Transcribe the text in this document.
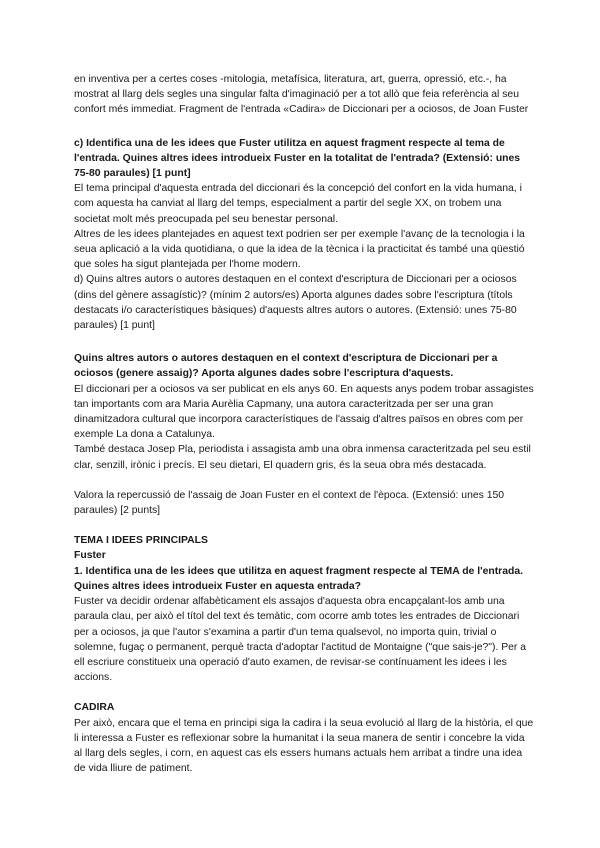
en inventiva per a certes coses -mitologia, metafísica, literatura, art, guerra, opressió, etc.-, ha mostrat al llarg dels segles una singular falta d'imaginació per a tot allò que feia referència al seu confort més immediat. Fragment de l'entrada «Cadira» de Diccionari per a ociosos, de Joan Fuster

c) Identifica una de les idees que Fuster utilitza en aquest fragment respecte al tema de l'entrada. Quines altres idees introdueix Fuster en la totalitat de l'entrada? (Extensió: unes 75-80 paraules) [1 punt]

El tema principal d'aquesta entrada del diccionari és la concepció del confort en la vida humana, i com aquesta ha canviat al llarg del temps, especialment a partir del segle XX, on trobem una societat molt més preocupada pel seu benestar personal.

Altres de les idees plantejades en aquest text podrien ser per exemple l'avanç de la tecnologia i la seua aplicació a la vida quotidiana, o que la idea de la tècnica i la practicitat és també una qüestió que soles ha sigut plantejada per l'home modern.

d) Quins altres autors o autores destaquen en el context d'escriptura de Diccionari per a ociosos (dins del gènere assagístic)? (mínim 2 autors/es) Aporta algunes dades sobre l'escriptura (títols destacats i/o característiques bàsiques) d'aquests altres autors o autores. (Extensió: unes 75-80 paraules) [1 punt]

Quins altres autors o autores destaquen en el context d'escriptura de Diccionari per a ociosos (genere assaig)? Aporta algunes dades sobre l'escriptura d'aquests.

El diccionari per a ociosos va ser publicat en els anys 60. En aquests anys podem trobar assagistes tan importants com ara Maria Aurèlia Capmany, una autora caracteritzada per ser una gran dinamitzadora cultural que incorpora característiques de l'assaig d'altres països en obres com per exemple La dona a Catalunya.

També destaca Josep Pla, periodista i assagista amb una obra inmensa caracteritzada pel seu estil clar, senzill, irònic i precís. El seu dietari, El quadern gris, és la seua obra més destacada.

Valora la repercussió de l'assaig de Joan Fuster en el context de l'època. (Extensió: unes 150 paraules) [2 punts]

TEMA I IDEES PRINCIPALS

Fuster

1. Identifica una de les idees que utilitza en aquest fragment respecte al TEMA de l'entrada. Quines altres idees introdueix Fuster en aquesta entrada?

Fuster va decidir ordenar alfabèticament els assajos d'aquesta obra encapçalant-los amb una paraula clau, per això el títol del text és temàtic, com ocorre amb totes les entrades de Diccionari per a ociosos, ja que l'autor s'examina a partir d'un tema qualsevol, no importa quin, trivial o solemne, fugaç o permanent, perquè tracta d'adoptar l'actitud de Montaigne ("que sais-je?"). Per a ell escriure constitueix una operació d'auto examen, de revisar-se contínuament les idees i les accions.

CADIRA

Per això, encara que el tema en principi siga la cadira i la seua evolució al llarg de la història, el que li interessa a Fuster es reflexionar sobre la humanitat i la seua manera de sentir i concebre la vida al llarg dels segles, i corn, en aquest cas els essers humans actuals hem arribat a tindre una idea de vida lliure de patiment.
